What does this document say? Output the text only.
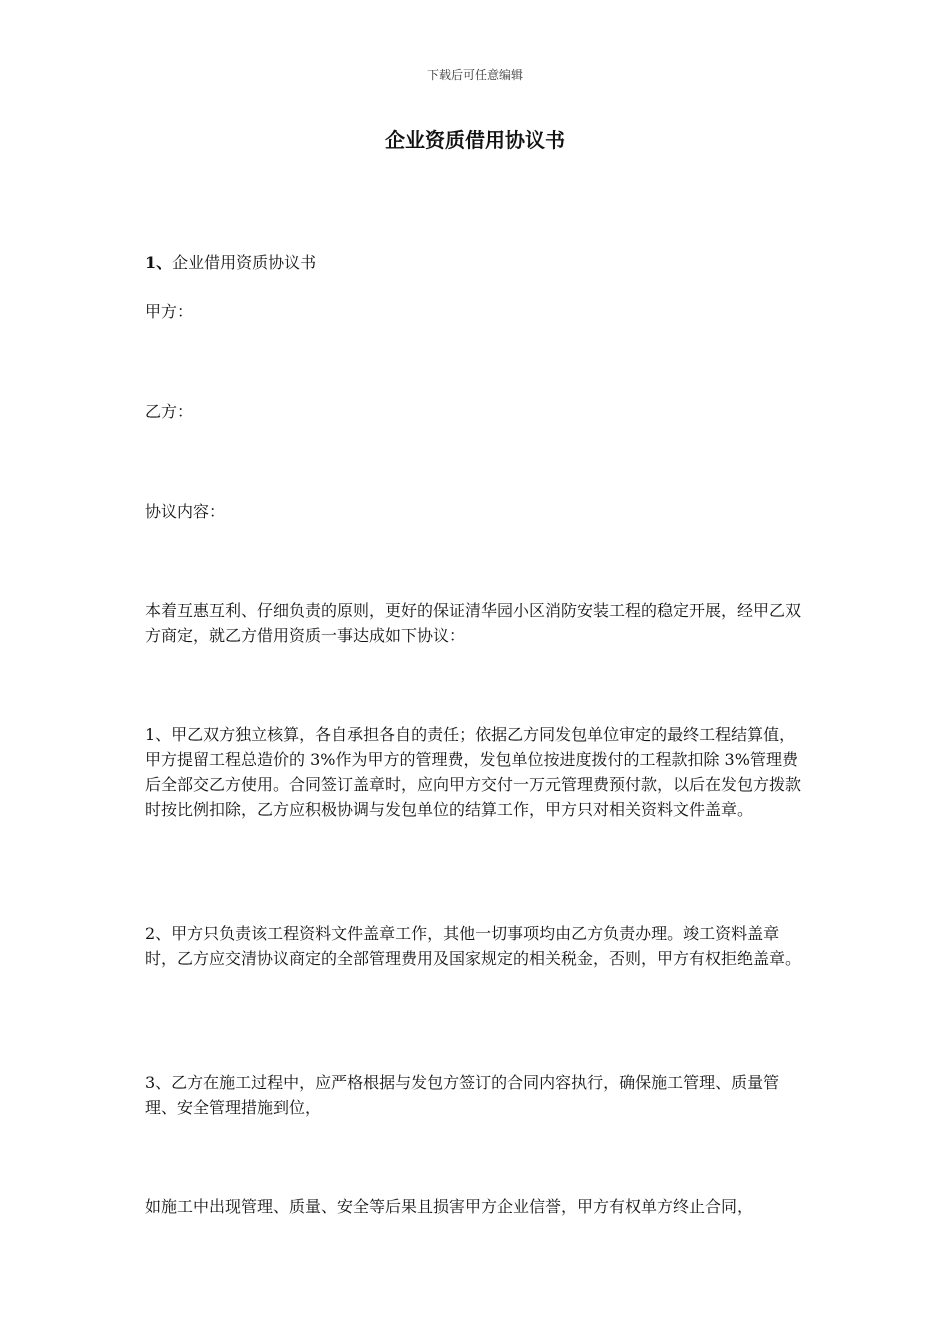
下载后可任意编辑
企业资质借用协议书

1、企业借用资质协议书

甲方：

乙方：

协议内容：

本着互惠互利、仔细负责的原则，更好的保证清华园小区消防安装工程的稳定开展，经甲乙双方商定，就乙方借用资质一事达成如下协议：

1、甲乙双方独立核算，各自承担各自的责任；依据乙方同发包单位审定的最终工程结算值，甲方提留工程总造价的 3%作为甲方的管理费，发包单位按进度拨付的工程款扣除 3%管理费后全部交乙方使用。合同签订盖章时，应向甲方交付一万元管理费预付款，以后在发包方拨款时按比例扣除，乙方应积极协调与发包单位的结算工作，甲方只对相关资料文件盖章。

2、甲方只负责该工程资料文件盖章工作，其他一切事项均由乙方负责办理。竣工资料盖章时，乙方应交清协议商定的全部管理费用及国家规定的相关税金，否则，甲方有权拒绝盖章。

3、乙方在施工过程中，应严格根据与发包方签订的合同内容执行，确保施工管理、质量管理、安全管理措施到位，

如施工中出现管理、质量、安全等后果且损害甲方企业信誉，甲方有权单方终止合同，
